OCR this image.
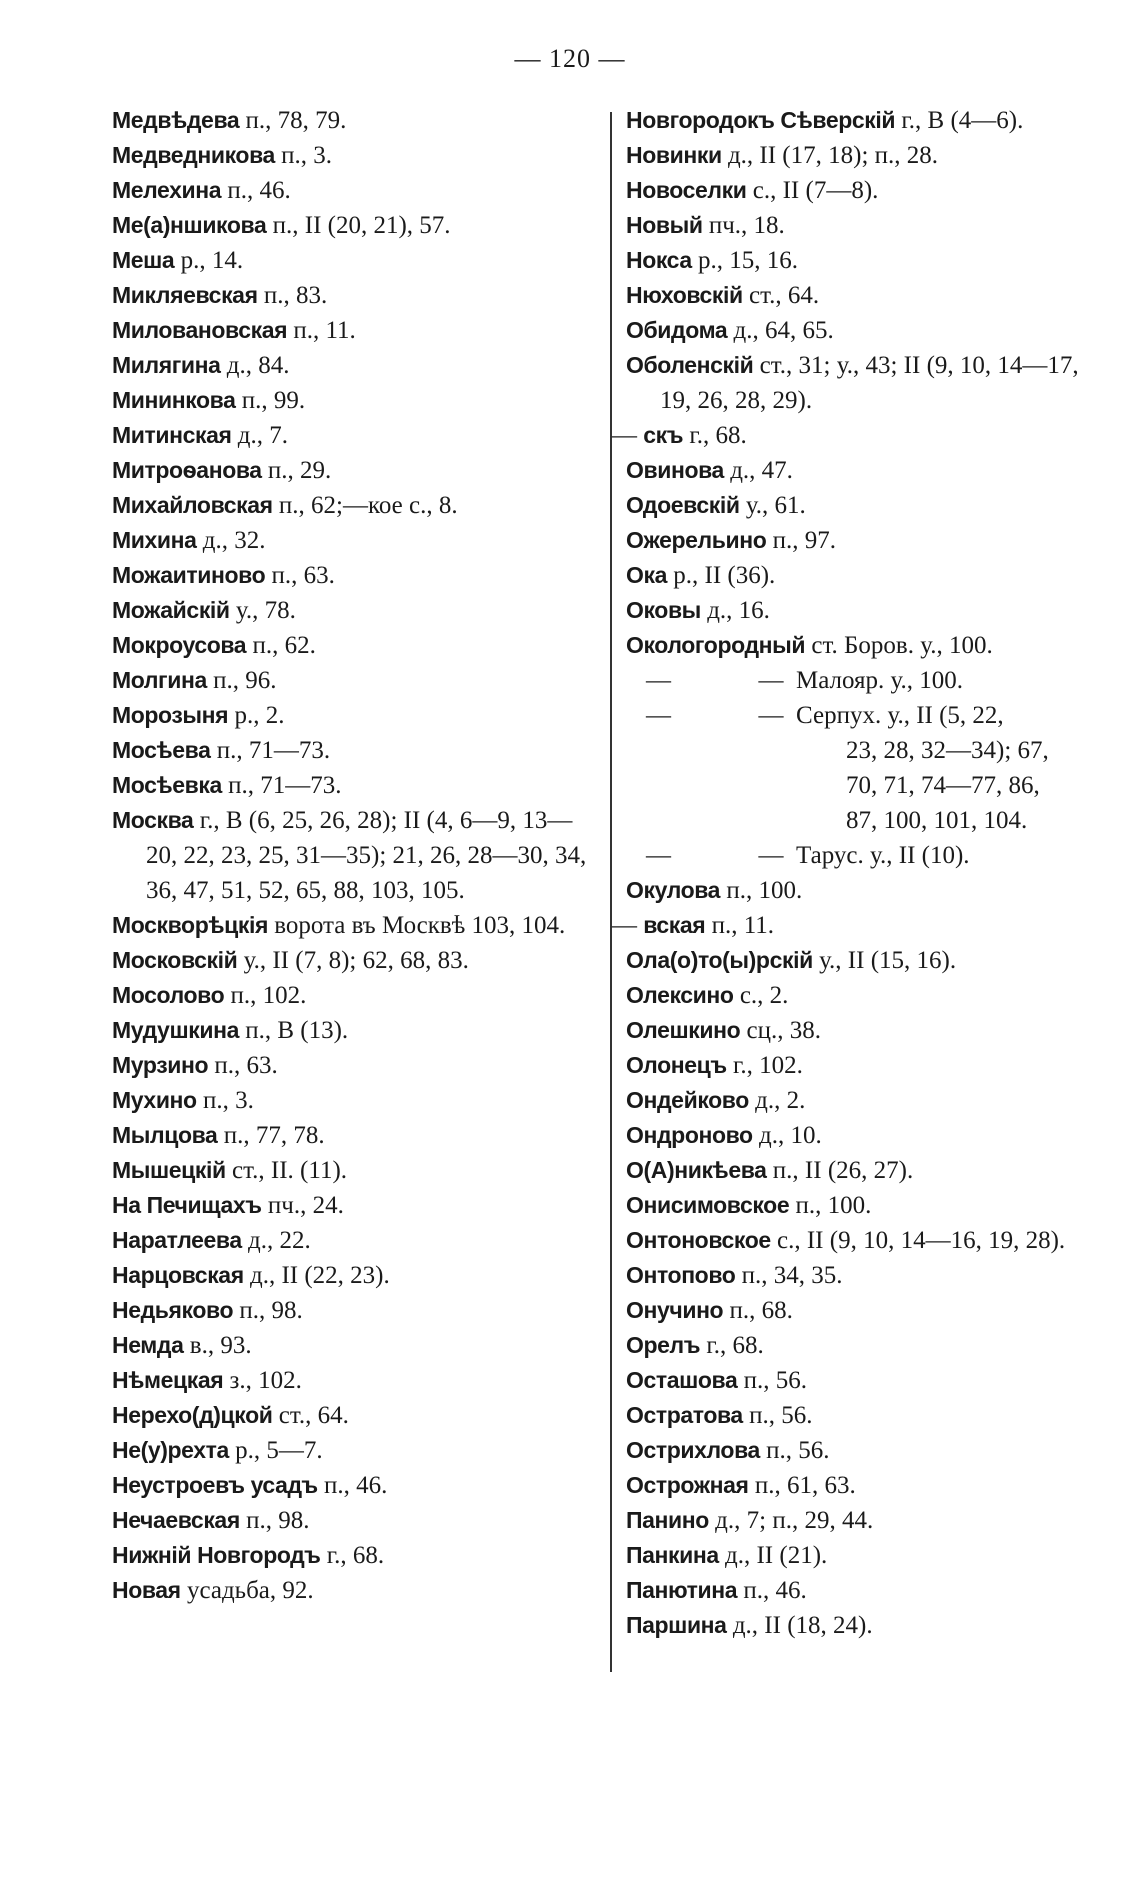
— 120 —

Медвѣдева п., 78, 79.

Медведникова п., 3.

Мелехина п., 46.

Ме(а)ншикова п., II (20, 21), 57.

Меша р., 14.

Микляевская п., 83.

Миловановская п., 11.

Милягина д., 84.

Мининкова п., 99.

Митинская д., 7.

Митроѳанова п., 29.

Михайловская п., 62;—кое с., 8.

Михина д., 32.

Можаитиново п., 63.

Можайскій у., 78.

Мокроусова п., 62.

Молгина п., 96.

Морозыня р., 2.

Мосѣева п., 71—73.

Мосѣевка п., 71—73.

Москва г., В (6, 25, 26, 28); II (4, 6—9, 13—20, 22, 23, 25, 31—35); 21, 26, 28—30, 34, 36, 47, 51, 52, 65, 88, 103, 105.

Москворѣцкія ворота въ Москвѣ 103, 104.

Московскій у., II (7, 8); 62, 68, 83.

Мосолово п., 102.

Мудушкина п., В (13).

Мурзино п., 63.

Мухино п., 3.

Мылцова п., 77, 78.

Мышецкій ст., II. (11).

На Печищахъ пч., 24.

Наратлеева д., 22.

Нарцовская д., II (22, 23).

Недьяково п., 98.

Немда в., 93.

Нѣмецкая з., 102.

Нерехо(д)цкой ст., 64.

Не(у)рехта р., 5—7.

Неустроевъ усадъ п., 46.

Нечаевская п., 98.

Нижній Новгородъ г., 68.

Новая усадьба, 92.

Новгородокъ Сѣверскій г., В (4—6).

Новинки д., II (17, 18); п., 28.

Новоселки с., II (7—8).

Новый пч., 18.

Нокса р., 15, 16.

Нюховскій ст., 64.

Обидома д., 64, 65.

Оболенскій ст., 31; у., 43; II (9, 10, 14—17, 19, 26, 28, 29).

— скъ г., 68.

Овинова д., 47.

Одоевскій у., 61.

Ожерельино п., 97.

Ока р., II (36).

Оковы д., 16.

Окологородный ст. Боров. у., 100.

—              —  Малояр. у., 100.

—              —  Серпух. у., II (5, 22,

23, 28, 32—34); 67,

70, 71, 74—77, 86,

87, 100, 101, 104.

—              —  Тарус. у., II (10).

Окулова п., 100.

— вская п., 11.

Ола(о)то(ы)рскій у., II (15, 16).

Олексино с., 2.

Олешкино сц., 38.

Олонецъ г., 102.

Ондейково д., 2.

Ондроново д., 10.

О(А)никѣева п., II (26, 27).

Онисимовское п., 100.

Онтоновское с., II (9, 10, 14—16, 19, 28).

Онтопово п., 34, 35.

Онучино п., 68.

Орелъ г., 68.

Осташова п., 56.

Остратова п., 56.

Острихлова п., 56.

Острожная п., 61, 63.

Панино д., 7; п., 29, 44.

Панкина д., II (21).

Панютина п., 46.

Паршина д., II (18, 24).
